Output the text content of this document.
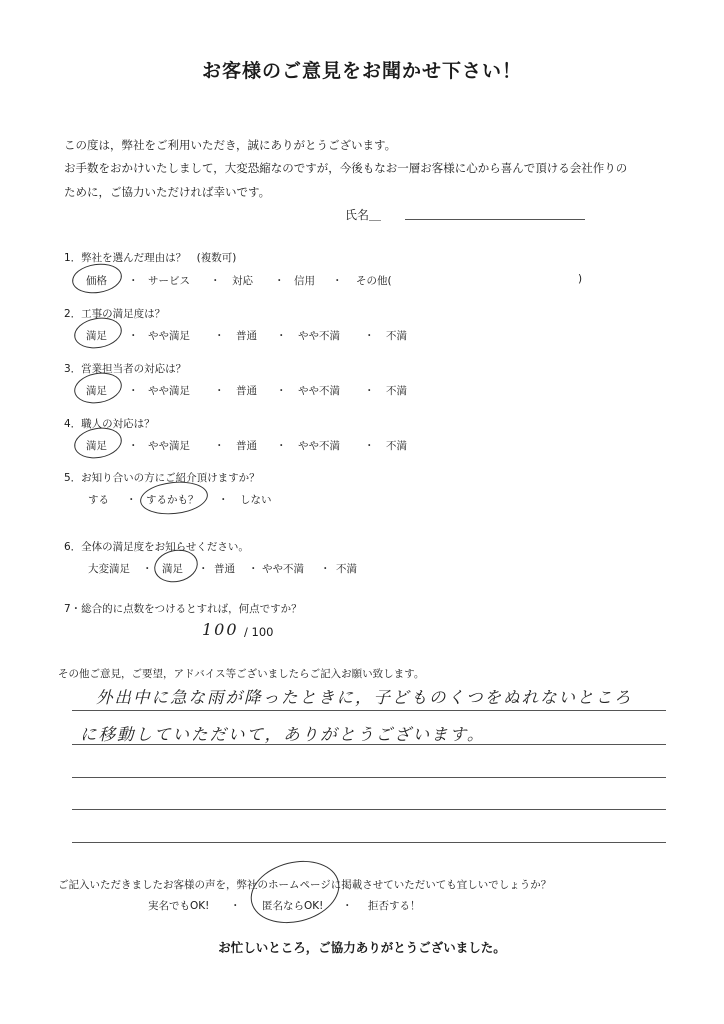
お客様のご意見をお聞かせ下さい！
この度は，弊社をご利用いただき，誠にありがとうございます。
お手数をおかけいたしまして，大変恐縮なのですが，今後もなお一層お客様に心から喜んで頂ける会社作りの
ために，ご協力いただければ幸いです。
氏名＿
1．弊社を選んだ理由は？　(複数可)
価格 ・ サービス ・ 対応 ・ 信用 ・ その他(	)
2．工事の満足度は？
満足 ・ やや満足 ・ 普通 ・ やや不満 ・ 不満
3．営業担当者の対応は？
満足 ・ やや満足 ・ 普通 ・ やや不満 ・ 不満
4．職人の対応は？
満足 ・ やや満足 ・ 普通 ・ やや不満 ・ 不満
5．お知り合いの方にご紹介頂けますか？
する ・ するかも？ ・ しない
6．全体の満足度をお知らせください。
大変満足 ・ 満足 ・ 普通 ・ やや不満 ・ 不満
7・総合的に点数をつけるとすれば，何点ですか？
100 / 100
その他ご意見，ご要望，アドバイス等ございましたらご記入お願い致します。
外出中に急な雨が降ったときに，子どものくつをぬれないところ
に移動していただいて，ありがとうございます。
ご記入いただきましたお客様の声を，弊社のホームページに掲載させていただいても宜しいでしょうか？
実名でもOK! ・ 匿名ならOK! ・ 拒否する！
お忙しいところ，ご協力ありがとうございました。
